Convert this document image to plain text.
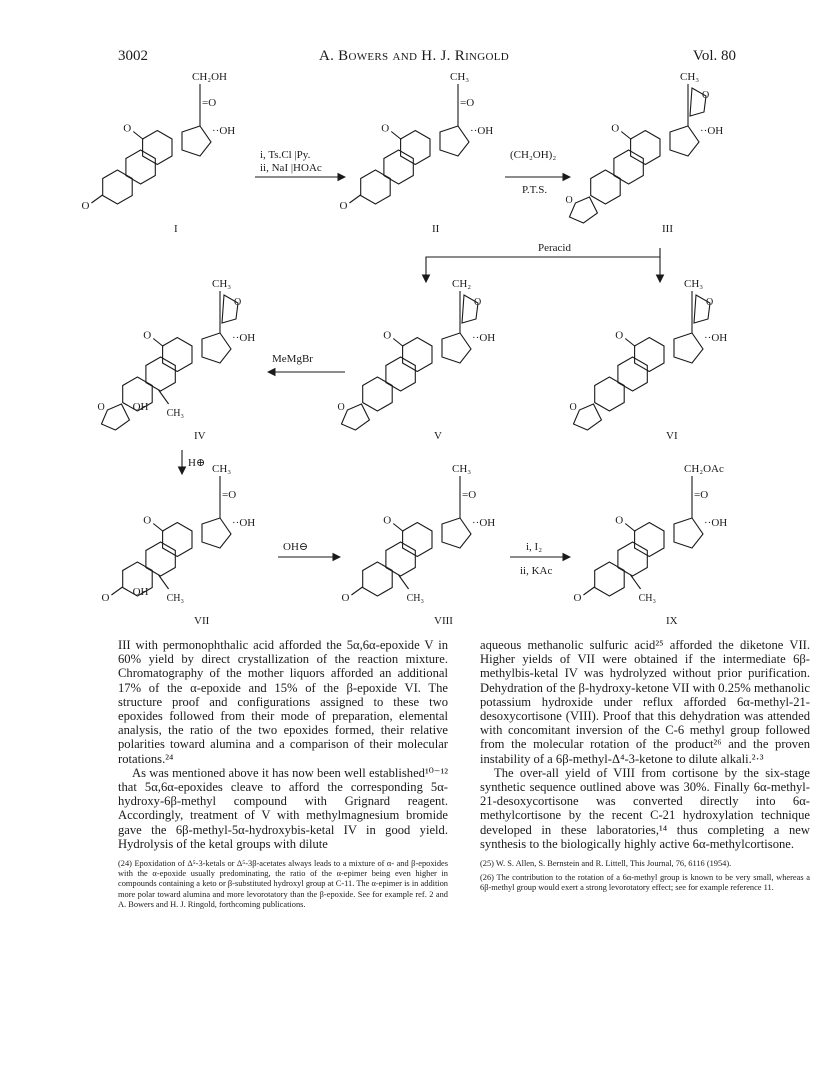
3002	A. Bowers and H. J. Ringold	Vol. 80
CH₂OH
=O
··OH
O
O
I
CH₃
=O
··OH
O
O
II
CH₃
O
··OH
O
O
III
CH₃
O
··OH
O
O	OH
CH₃
IV
CH₂
O
··OH
O
O
V
CH₃
O
··OH
O
O
VI
CH₃
=O
··OH
O
O OH
CH₃
VII
CH₃
=O
··OH
O
O	CH₃
VIII
CH₂OAc
=O
··OH
O
O	CH₃
IX
i, Ts.Cl |Py.
ii, NaI |HOAc
(CH₂OH)₂
P.T.S.
Peracid
MeMgBr
H⊕
OH⊖	i, I₂
ii, KAc

III with permonophthalic acid afforded the 5α,6α-epoxide V in 60% yield by direct crystallization of the reaction mixture. Chromatography of the mother liquors afforded an additional 17% of the α-epoxide and 15% of the β-epoxide VI. The structure proof and configurations assigned to these two epoxides followed from their mode of preparation, elemental analysis, the ratio of the two epoxides formed, their relative polarities toward alumina and a comparison of their molecular rotations.²⁴

As was mentioned above it has now been well established¹⁰⁻¹² that 5α,6α-epoxides cleave to afford the corresponding 5α-hydroxy-6β-methyl compound with Grignard reagent. Accordingly, treatment of V with methylmagnesium bromide gave the 6β-methyl-5α-hydroxybis-ketal IV in good yield. Hydrolysis of the ketal groups with dilute

(24) Epoxidation of Δ⁵-3-ketals or Δ⁵-3β-acetates always leads to a mixture of α- and β-epoxides with the α-epoxide usually predominating, the ratio of the α-epimer being even higher in compounds containing a keto or β-substituted hydroxyl group at C-11. The α-epimer is in addition more polar toward alumina and more levorotatory than the β-epoxide. See for example ref. 2 and A. Bowers and H. J. Ringold, forthcoming publications.

aqueous methanolic sulfuric acid²⁵ afforded the diketone VII. Higher yields of VII were obtained if the intermediate 6β-methylbis-ketal IV was hydrolyzed without prior purification. Dehydration of the β-hydroxy-ketone VII with 0.25% methanolic potassium hydroxide under reflux afforded 6α-methyl-21-desoxycortisone (VIII). Proof that this dehydration was attended with concomitant inversion of the C-6 methyl group followed from the molecular rotation of the product²⁶ and the proven instability of a 6β-methyl-Δ⁴-3-ketone to dilute alkali.²·³

The over-all yield of VIII from cortisone by the six-stage synthetic sequence outlined above was 30%. Finally 6α-methyl-21-desoxycortisone was converted directly into 6α-methylcortisone by the recent C-21 hydroxylation technique developed in these laboratories,¹⁴ thus completing a new synthesis to the biologically highly active 6α-methylcortisone.

(25) W. S. Allen, S. Bernstein and R. Littell, This Journal, 76, 6116 (1954).
(26) The contribution to the rotation of a 6α-methyl group is known to be very small, whereas a 6β-methyl group would exert a strong levorotatory effect; see for example reference 11.
